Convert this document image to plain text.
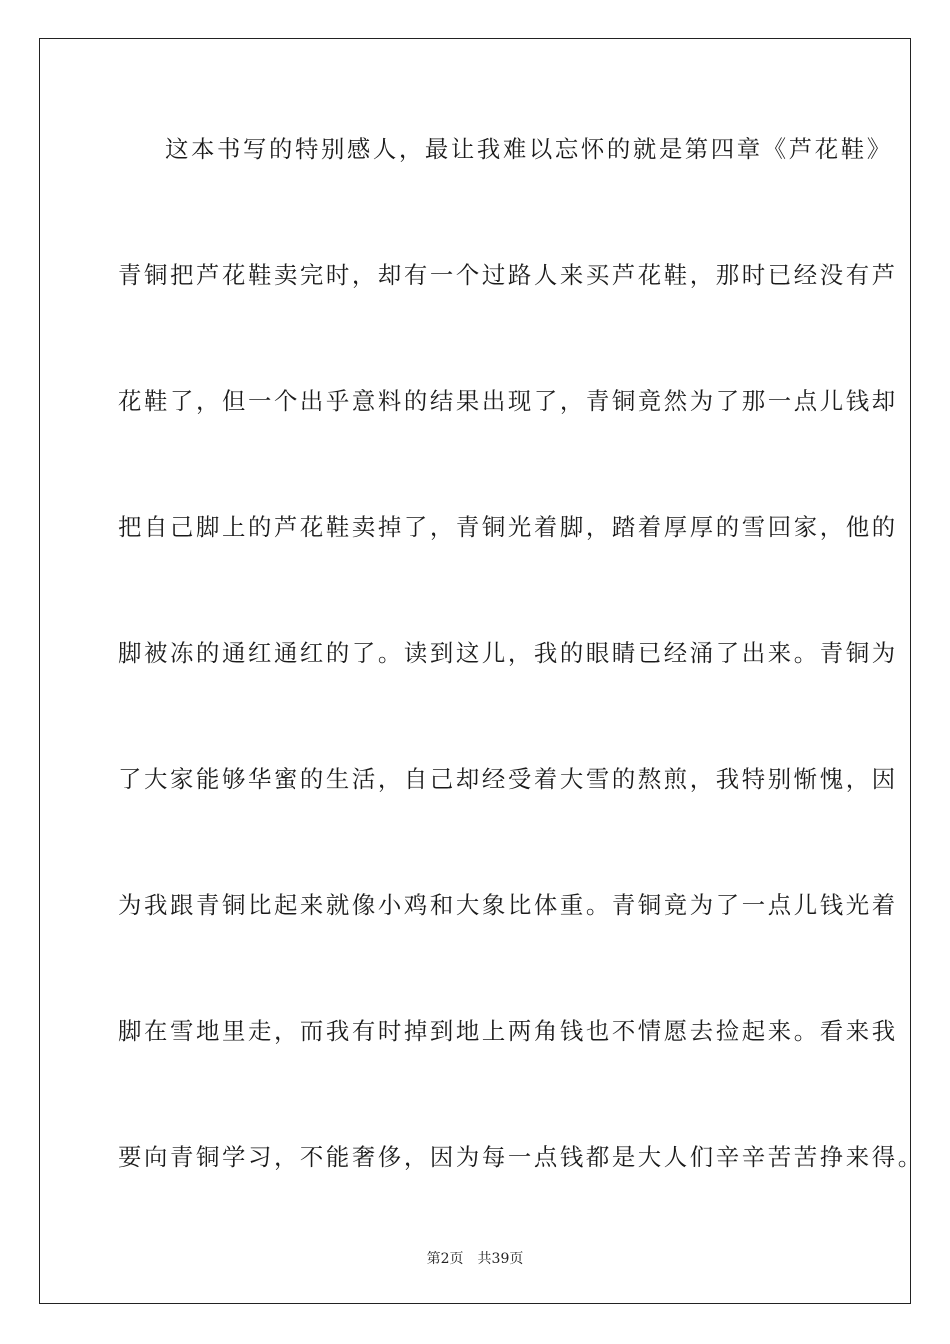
这本书写的特别感人，最让我难以忘怀的就是第四章《芦花鞋》
青铜把芦花鞋卖完时，却有一个过路人来买芦花鞋，那时已经没有芦
花鞋了，但一个出乎意料的结果出现了，青铜竟然为了那一点儿钱却
把自己脚上的芦花鞋卖掉了，青铜光着脚，踏着厚厚的雪回家，他的
脚被冻的通红通红的了。读到这儿，我的眼睛已经涌了出来。青铜为
了大家能够华蜜的生活，自己却经受着大雪的熬煎，我特别惭愧，因
为我跟青铜比起来就像小鸡和大象比体重。青铜竟为了一点儿钱光着
脚在雪地里走，而我有时掉到地上两角钱也不情愿去捡起来。看来我
要向青铜学习，不能奢侈，因为每一点钱都是大人们辛辛苦苦挣来得。
第2页 共39页
